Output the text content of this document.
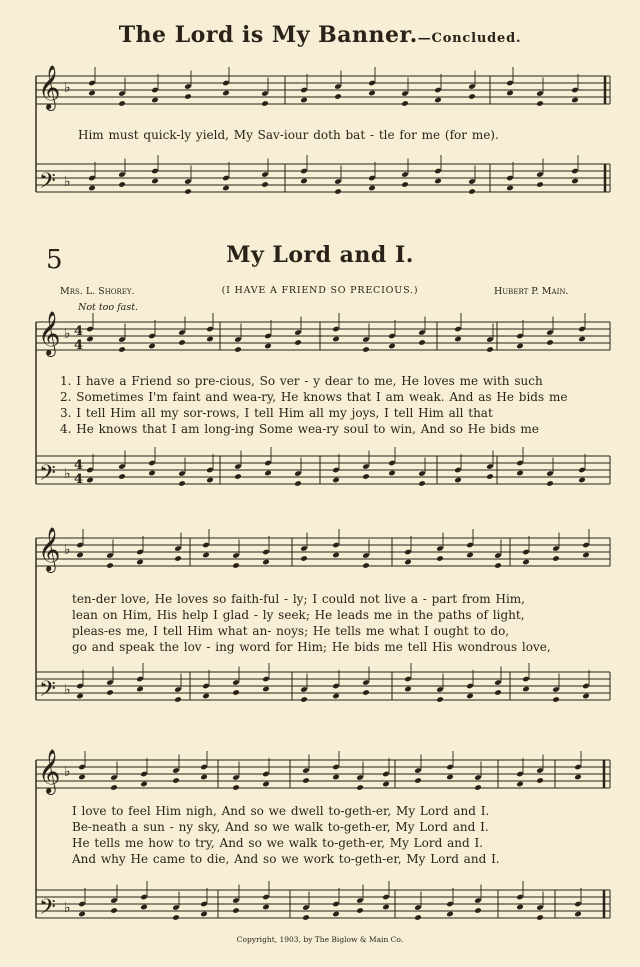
The Lord is My Banner.—Concluded.
Him must quick-ly yield, My Sav-iour doth bat - tle for me (for me).
5	My Lord and I.
Mrs. L. Shorey.	(I HAVE A FRIEND SO PRECIOUS.)	Hubert P. Main.
Not too fast.
1. I have a Friend so pre-cious, So ver - y dear to me, He loves me with such
2. Sometimes I'm faint and wea-ry, He knows that I am weak. And as He bids me
3. I tell Him all my sor-rows, I tell Him all my joys, I tell Him all that
4. He knows that I am long-ing Some wea-ry soul to win, And so He bids me
ten-der love, He loves so faith-ful - ly; I could not live a - part from Him,
lean on Him, His help I glad - ly seek; He leads me in the paths of light,
pleas-es me, I tell Him what an- noys; He tells me what I ought to do,
go and speak the lov - ing word for Him; He bids me tell His wondrous love,
I love to feel Him nigh, And so we dwell to-geth-er, My Lord and I.
Be-neath a sun - ny sky, And so we walk to-geth-er, My Lord and I.
He tells me how to try, And so we walk to-geth-er, My Lord and I.
And why He came to die, And so we work to-geth-er, My Lord and I.
Copyright, 1903, by The Biglow & Main Co.
𝄞
𝄢
♭
♭
𝄞
𝄢
♭
♭
4
4
4
4
𝄞
𝄢
♭
♭
𝄞
𝄢
♭
♭
